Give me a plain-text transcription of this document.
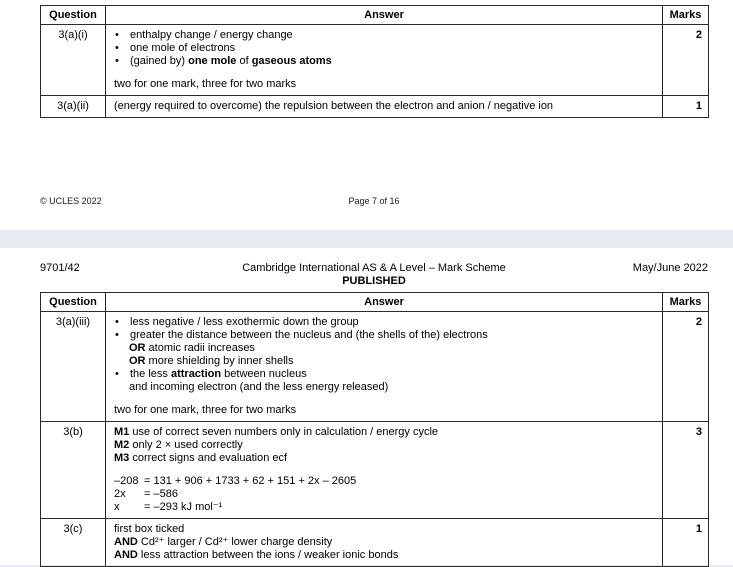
Question	Answer	Marks
3(a)(i)	•	enthalpy change / energy change
•	one mole of electrons
•	(gained by) one mole of gaseous atoms
two for one mark, three for two marks
	2
3(a)(ii)	(energy required to overcome) the repulsion between the electron and anion / negative ion	1
© UCLES 2022	Page 7 of 16
9701/42	Cambridge International AS & A Level – Mark Scheme
PUBLISHED
May/June 2022
Question	Answer	Marks
3(a)(iii)	•	less negative / less exothermic down the group
•	greater the distance between the nucleus and (the shells of the) electrons
OR atomic radii increases
OR more shielding by inner shells
•	the less attraction between nucleus
and incoming electron (and the less energy released)
two for one mark, three for two marks
	2
3(b)	M1 use of correct seven numbers only in calculation / energy cycle
M2 only 2 × used correctly
M3 correct signs and evaluation ecf
–208 = 131 + 906 + 1733 + 62 + 151 + 2x – 2605
2x = –586
x = –293 kJ mol⁻¹
	3
3(c)	first box ticked
AND Cd²⁺ larger / Cd²⁺ lower charge density
AND less attraction between the ions / weaker ionic bonds	1
